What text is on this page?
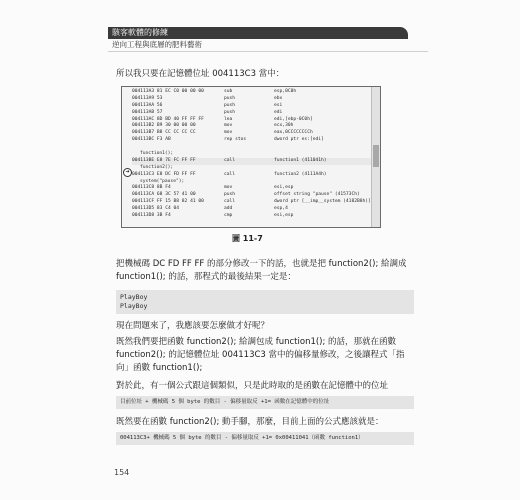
駭客軟體的修練
逆向工程與底層的肥料藝術
所以我只要在記憶體位址 004113C3 當中：
➜
004113A3 81 EC C0 00 00 00	sub	esp,0C0h
004113A9 53	push	ebx
004113AA 56	push	esi
004113AB 57	push	edi
004113AC 8D BD 40 FF FF FF	lea	edi,[ebp-0C0h]
004113B2 B9 30 00 00 00	mov	ecx,30h
004113B7 B8 CC CC CC CC	mov	eax,0CCCCCCCCh
004113BC F3 AB	rep stos	dword ptr es:[edi]
function1();
004113BE E8 7E FC FF FF	call	function1 (411041h)
function2();
004113C3 E8 DC FD FF FF	call	function2 (4111A4h)
system("pause");
004113C8 8B F4	mov	esi,esp
004113CA 68 3C 57 41 00	push	offset string "pause" (41573Ch)
004113CF FF 15 B8 82 41 00	call	dword ptr [__imp__system (4182B8h)]
004113D5 83 C4 04	add	esp,4
004113D8 3B F4	cmp	esi,esp
圖 11-7
把機械碼 DC FD FF FF 的部分修改一下的話，也就是把 function2(); 給調成 function1(); 的話，那程式的最後結果一定是：
PlayBoy
PlayBoy
現在問題來了，我應該要怎麼做才好呢？
既然我們要把函數 function2(); 給調包成 function1(); 的話，那就在函數 function2(); 的記憶體位址 004113C3 當中的偏移量修改，之後讓程式「指向」函數 function1();
對於此，有一個公式跟這個類似，只是此時取的是函數在記憶體中的位址
目前位址 + 機械碼 5 個 byte 的數目 - 偏移量取反 +1= 函數在記憶體中的位址
既然要在函數 function2(); 動手腳，那麼，目前上面的公式應該就是：
004113C3+ 機械碼 5 個 byte 的數目 - 偏移量取反 +1= 0x00411041（函數 function1）
154
